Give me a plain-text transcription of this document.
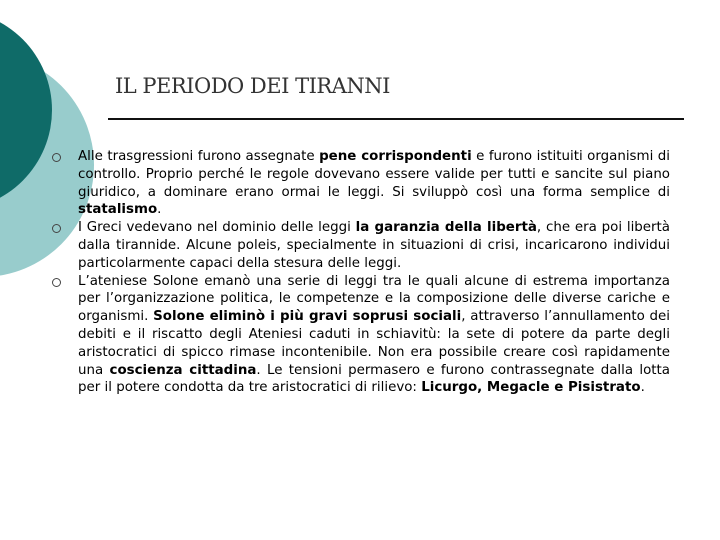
IL PERIODO DEI TIRANNI
Alle trasgressioni furono assegnate pene corrispondenti e furono istituiti organismi di controllo. Proprio perché le regole dovevano essere valide per tutti e sancite sul piano giuridico, a dominare erano ormai le leggi. Si sviluppò così una forma semplice di statalismo.
I Greci vedevano nel dominio delle leggi la garanzia della libertà, che era poi libertà dalla tirannide. Alcune poleis, specialmente in situazioni di crisi, incaricarono individui particolarmente capaci della stesura delle leggi.
L’ateniese Solone emanò una serie di leggi tra le quali alcune di estrema importanza per l’organizzazione politica, le competenze e la composizione delle diverse cariche e organismi. Solone eliminò i più gravi soprusi sociali, attraverso l’annullamento dei debiti e il riscatto degli Ateniesi caduti in schiavitù: la sete di potere da parte degli aristocratici di spicco rimase incontenibile. Non era possibile creare così rapidamente una coscienza cittadina. Le tensioni permasero e furono contrassegnate dalla lotta per il potere condotta da tre aristocratici di rilievo: Licurgo, Megacle e Pisistrato.
